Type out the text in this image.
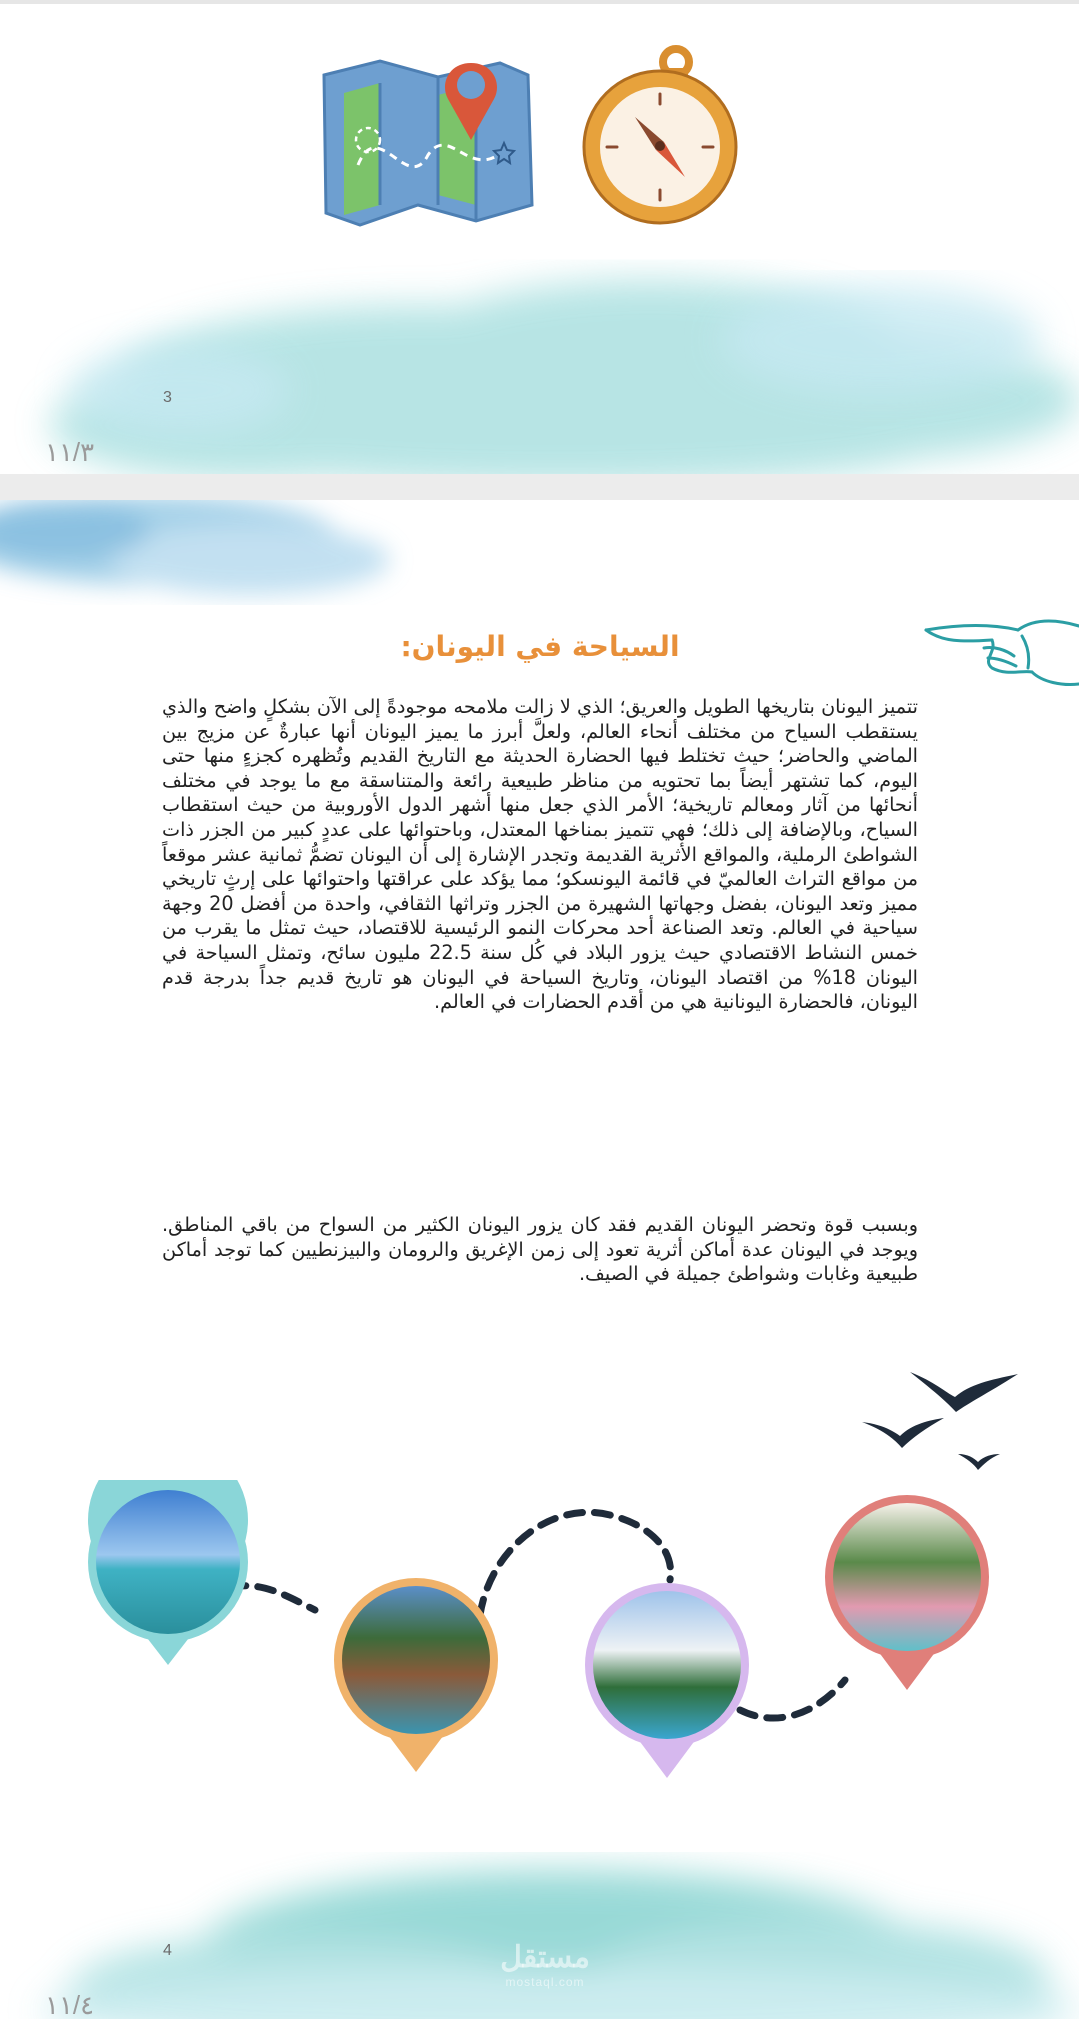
3
١١/٣
السياحة في اليونان:
تتميز اليونان بتاريخها الطويل والعريق؛ الذي لا زالت ملامحه موجودةً إلى الآن بشكلٍ واضح والذي يستقطب السياح من مختلف أنحاء العالم، ولعلَّ أبرز ما يميز اليونان أنها عبارةٌ عن مزيج بين الماضي والحاضر؛ حيث تختلط فيها الحضارة الحديثة مع التاريخ القديم وتُظهره كجزءٍ منها حتى اليوم، كما تشتهر أيضاً بما تحتويه من مناظر طبيعية رائعة والمتناسقة مع ما يوجد في مختلف أنحائها من آثار ومعالم تاريخية؛ الأمر الذي جعل منها أشهر الدول الأوروبية من حيث استقطاب السياح، وبالإضافة إلى ذلك؛ فهي تتميز بمناخها المعتدل، وباحتوائها على عددٍ كبير من الجزر ذات الشواطئ الرملية، والمواقع الأثرية القديمة وتجدر الإشارة إلى أن اليونان تضمُّ ثمانية عشر موقعاً من مواقع التراث العالميّ في قائمة اليونسكو؛ مما يؤكد على عراقتها واحتوائها على إرثٍ تاريخي مميز وتعد اليونان، بفضل وجهاتها الشهيرة من الجزر وتراثها الثقافي، واحدة من أفضل 20 وجهة سياحية في العالم. وتعد الصناعة أحد محركات النمو الرئيسية للاقتصاد، حيث تمثل ما يقرب من خمس النشاط الاقتصادي حيث يزور البلاد في كُل سنة 22.5 مليون سائح، وتمثل السياحة في اليونان 18% من اقتصاد اليونان، وتاريخ السياحة في اليونان هو تاريخ قديم جداً بدرجة قدم اليونان، فالحضارة اليونانية هي من أقدم الحضارات في العالم.
وبسبب قوة وتحضر اليونان القديم فقد كان يزور اليونان الكثير من السواح من باقي المناطق. ويوجد في اليونان عدة أماكن أثرية تعود إلى زمن الإغريق والرومان والبيزنطيين كما توجد أماكن طبيعية وغابات وشواطئ جميلة في الصيف.
مستقل
mostaql.com
4
١١/٤
